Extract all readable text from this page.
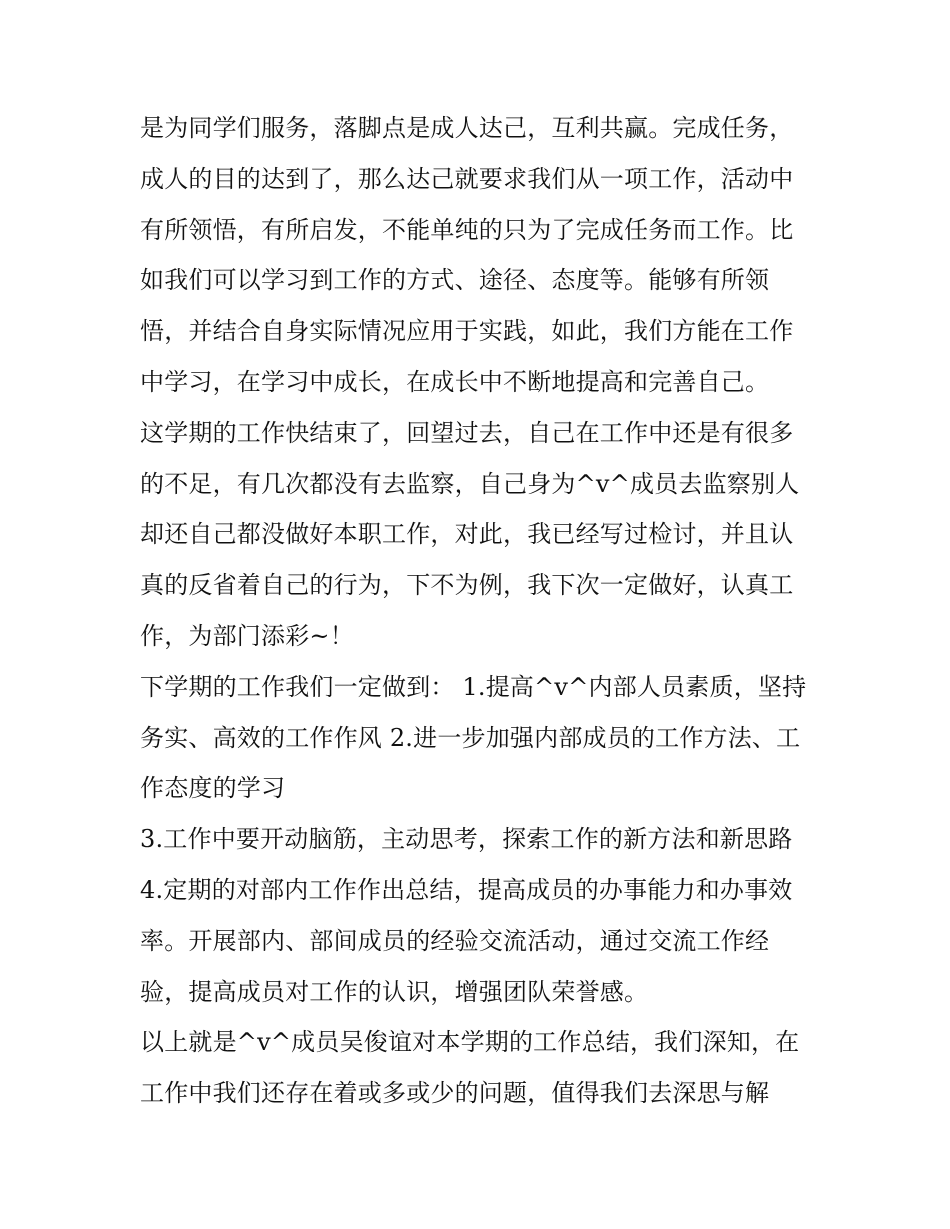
是为同学们服务，落脚点是成人达己，互利共赢。完成任务，
成人的目的达到了，那么达己就要求我们从一项工作，活动中
有所领悟，有所启发，不能单纯的只为了完成任务而工作。比
如我们可以学习到工作的方式、途径、态度等。能够有所领
悟，并结合自身实际情况应用于实践，如此，我们方能在工作
中学习，在学习中成长，在成长中不断地提高和完善自己。
这学期的工作快结束了，回望过去，自己在工作中还是有很多
的不足，有几次都没有去监察，自己身为^v^成员去监察别人
却还自己都没做好本职工作，对此，我已经写过检讨，并且认
真的反省着自己的行为，下不为例，我下次一定做好，认真工
作，为部门添彩~！
下学期的工作我们一定做到： 1.提高^v^内部人员素质，坚持
务实、高效的工作作风 2.进一步加强内部成员的工作方法、工
作态度的学习
3.工作中要开动脑筋，主动思考，探索工作的新方法和新思路
4.定期的对部内工作作出总结，提高成员的办事能力和办事效
率。开展部内、部间成员的经验交流活动，通过交流工作经
验，提高成员对工作的认识，增强团队荣誉感。
以上就是^v^成员吴俊谊对本学期的工作总结，我们深知，在
工作中我们还存在着或多或少的问题，值得我们去深思与解
